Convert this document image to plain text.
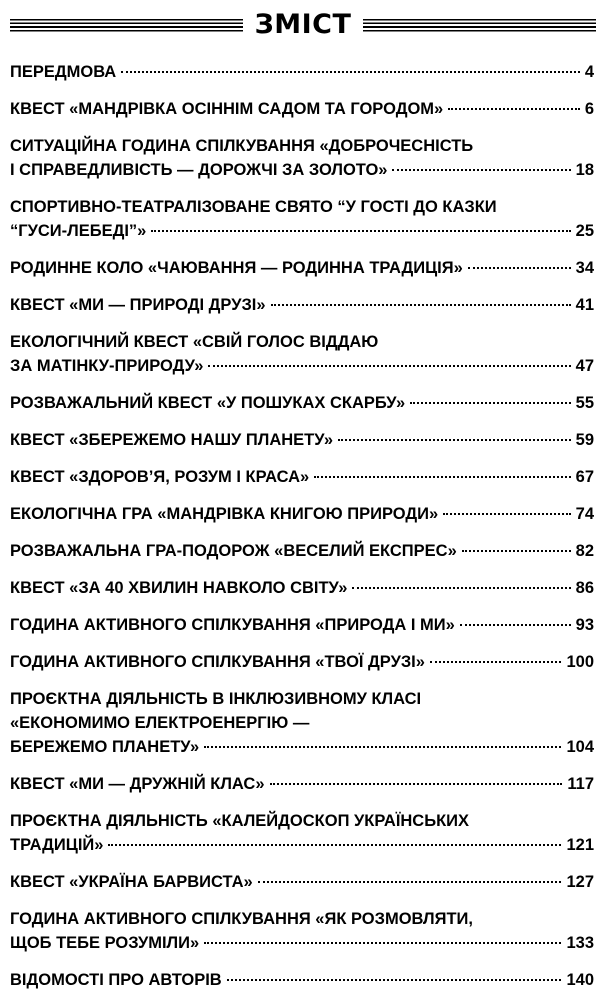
ЗМІСТ
ПЕРЕДМОВА	4
КВЕСТ «МАНДРІВКА ОСІННІМ САДОМ ТА ГОРОДОМ»	6
СИТУАЦІЙНА ГОДИНА СПІЛКУВАННЯ «ДОБРОЧЕСНІСТЬ
І СПРАВЕДЛИВІСТЬ — ДОРОЖЧІ ЗА ЗОЛОТО»	18
СПОРТИВНО-ТЕАТРАЛІЗОВАНЕ СВЯТО “У ГОСТІ ДО КАЗКИ
“ГУСИ-ЛЕБЕДІ”»	25
РОДИННЕ КОЛО «ЧАЮВАННЯ — РОДИННА ТРАДИЦІЯ»	34
КВЕСТ «МИ — ПРИРОДІ ДРУЗІ»	41
ЕКОЛОГІЧНИЙ КВЕСТ «СВІЙ ГОЛОС ВІДДАЮ
ЗА МАТІНКУ-ПРИРОДУ»	47
РОЗВАЖАЛЬНИЙ КВЕСТ «У ПОШУКАХ СКАРБУ»	55
КВЕСТ «ЗБЕРЕЖЕМО НАШУ ПЛАНЕТУ»	59
КВЕСТ «ЗДОРОВ’Я, РОЗУМ І КРАСА»	67
ЕКОЛОГІЧНА ГРА «МАНДРІВКА КНИГОЮ ПРИРОДИ»	74
РОЗВАЖАЛЬНА ГРА-ПОДОРОЖ «ВЕСЕЛИЙ ЕКСПРЕС»	82
КВЕСТ «ЗА 40 ХВИЛИН НАВКОЛО СВІТУ»	86
ГОДИНА АКТИВНОГО СПІЛКУВАННЯ «ПРИРОДА І МИ»	93
ГОДИНА АКТИВНОГО СПІЛКУВАННЯ «ТВОЇ ДРУЗІ»	100
ПРОЄКТНА ДІЯЛЬНІСТЬ В ІНКЛЮЗИВНОМУ КЛАСІ
«ЕКОНОМИМО ЕЛЕКТРОЕНЕРГІЮ —
БЕРЕЖЕМО ПЛАНЕТУ»	104
КВЕСТ «МИ — ДРУЖНІЙ КЛАС»	117
ПРОЄКТНА ДІЯЛЬНІСТЬ «КАЛЕЙДОСКОП УКРАЇНСЬКИХ
ТРАДИЦІЙ»	121
КВЕСТ «УКРАЇНА БАРВИСТА»	127
ГОДИНА АКТИВНОГО СПІЛКУВАННЯ «ЯК РОЗМОВЛЯТИ,
ЩОБ ТЕБЕ РОЗУМІЛИ»	133
ВІДОМОСТІ ПРО АВТОРІВ	140
